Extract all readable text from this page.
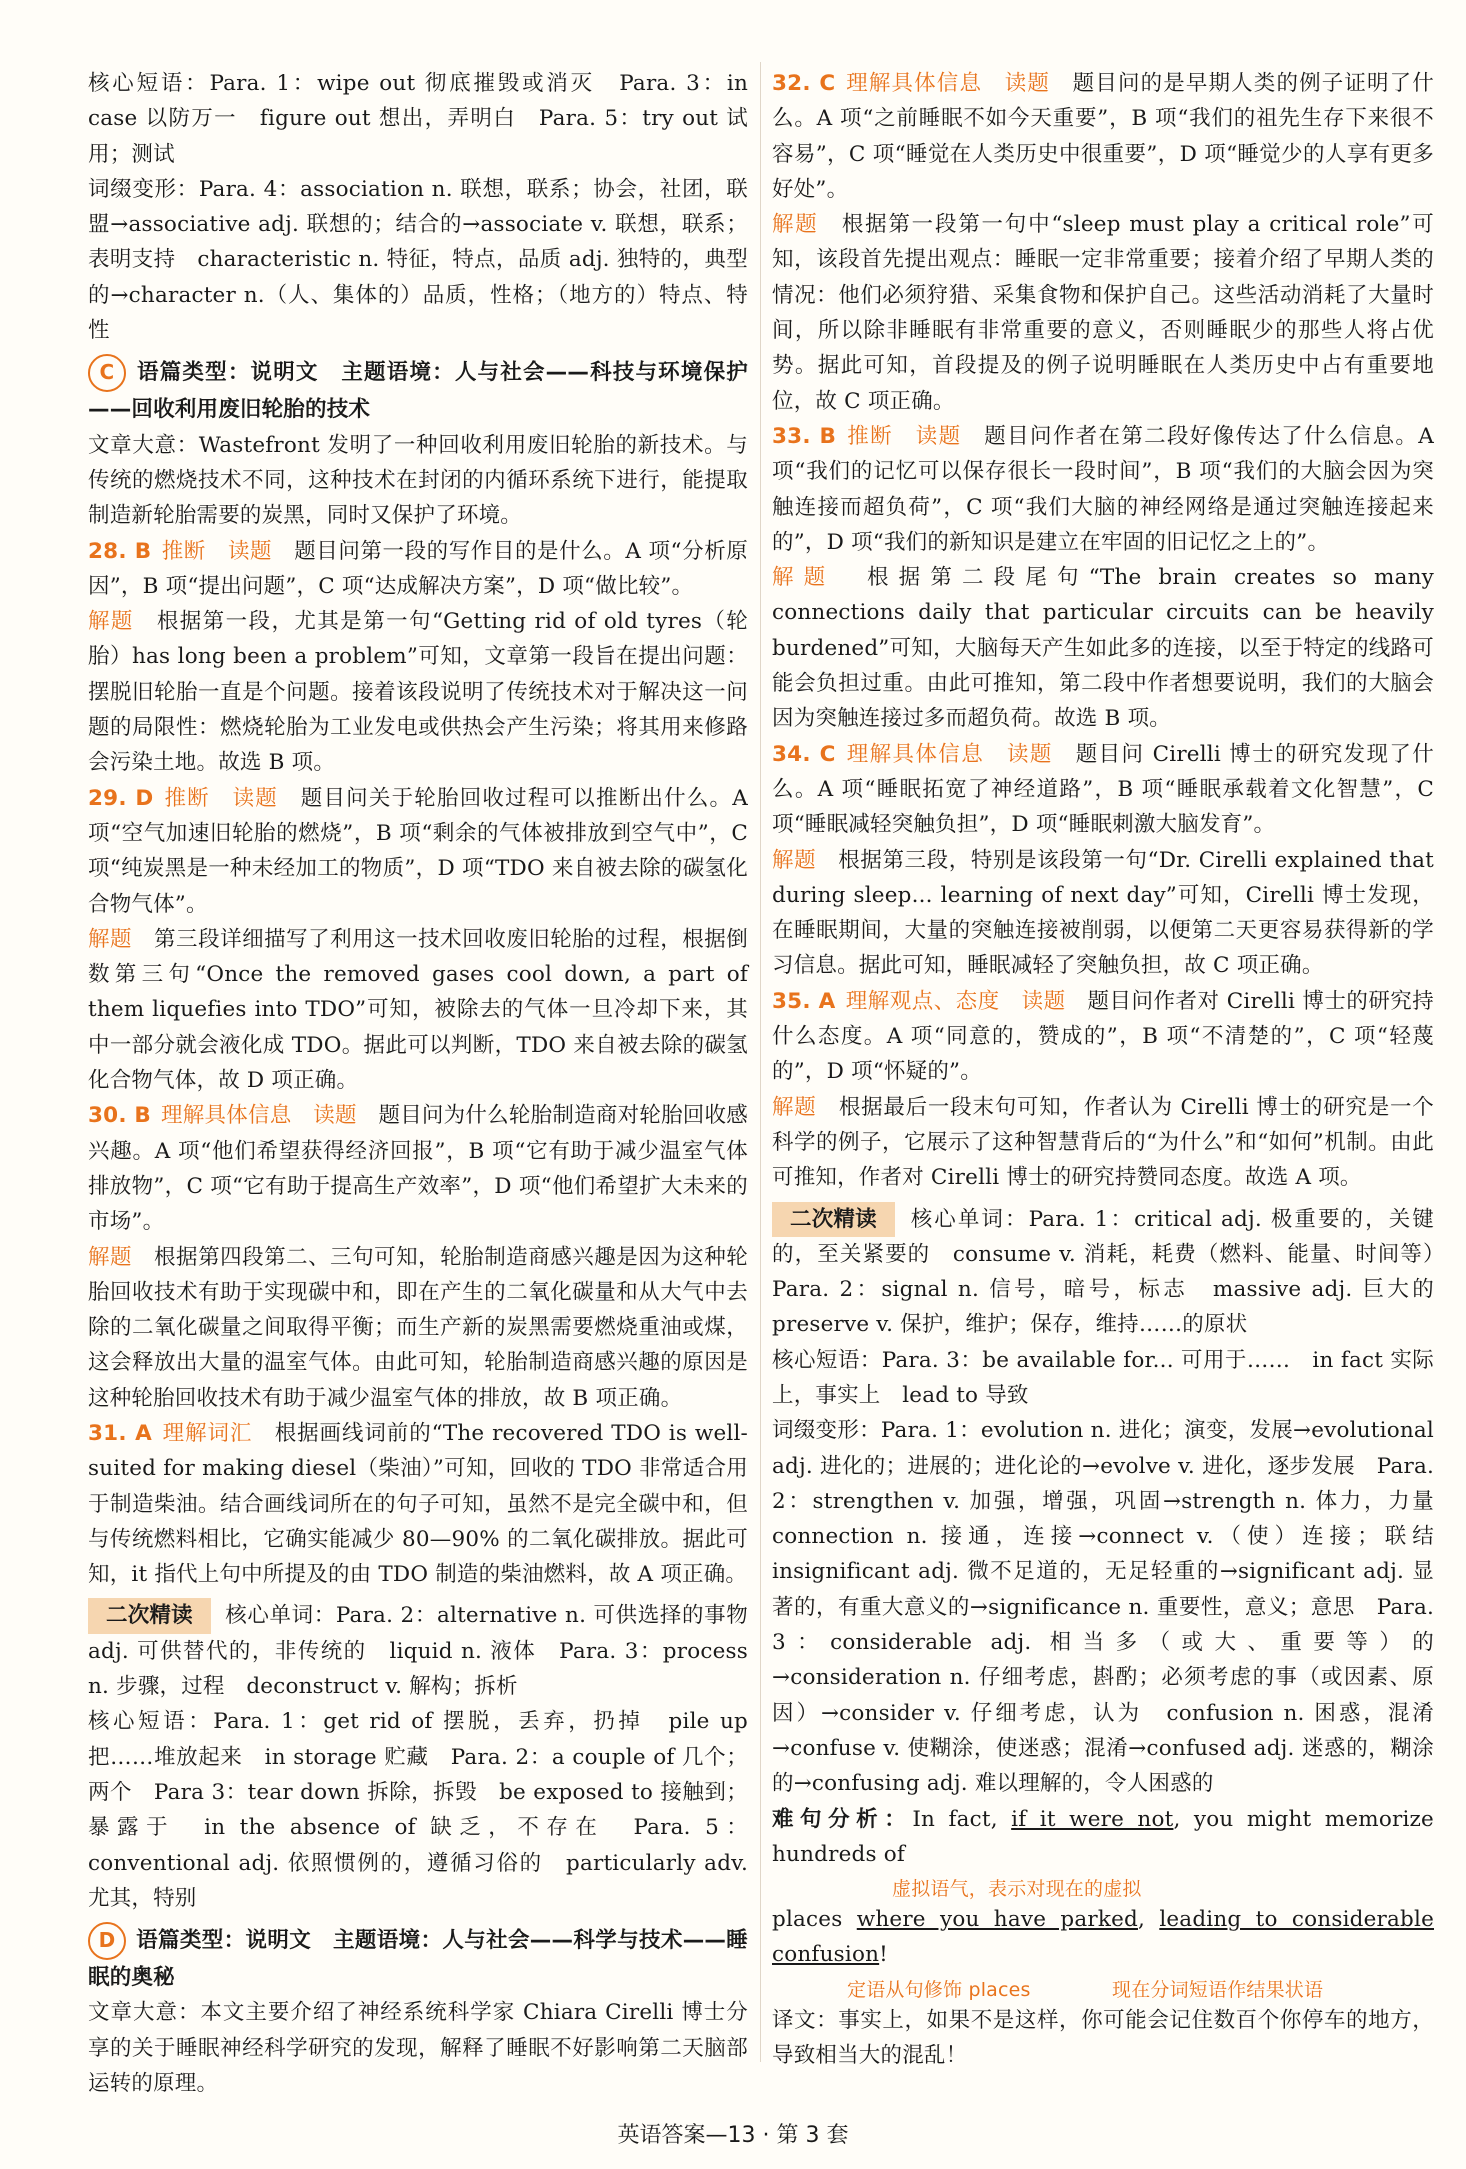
核心短语：Para. 1：wipe out 彻底摧毁或消灭　Para. 3：in case 以防万一　figure out 想出，弄明白　Para. 5：try out 试用；测试

词缀变形：Para. 4：association n. 联想，联系；协会，社团，联盟→associative adj. 联想的；结合的→associate v. 联想，联系；表明支持　characteristic n. 特征，特点，品质 adj. 独特的，典型的→character n.（人、集体的）品质，性格；（地方的）特点、特性

C 语篇类型：说明文　主题语境：人与社会——科技与环境保护——回收利用废旧轮胎的技术

文章大意：Wastefront 发明了一种回收利用废旧轮胎的新技术。与传统的燃烧技术不同，这种技术在封闭的内循环系统下进行，能提取制造新轮胎需要的炭黑，同时又保护了环境。

28. B 推断　读题　 题目问第一段的写作目的是什么。A 项“分析原因”，B 项“提出问题”，C 项“达成解决方案”，D 项“做比较”。

解题　 根据第一段，尤其是第一句“Getting rid of old tyres（轮胎）has long been a problem”可知，文章第一段旨在提出问题：摆脱旧轮胎一直是个问题。接着该段说明了传统技术对于解决这一问题的局限性：燃烧轮胎为工业发电或供热会产生污染；将其用来修路会污染土地。故选 B 项。

29. D 推断　读题　 题目问关于轮胎回收过程可以推断出什么。A 项“空气加速旧轮胎的燃烧”，B 项“剩余的气体被排放到空气中”，C 项“纯炭黑是一种未经加工的物质”，D 项“TDO 来自被去除的碳氢化合物气体”。

解题　 第三段详细描写了利用这一技术回收废旧轮胎的过程，根据倒数第三句“Once the removed gases cool down, a part of them liquefies into TDO”可知，被除去的气体一旦冷却下来，其中一部分就会液化成 TDO。据此可以判断，TDO 来自被去除的碳氢化合物气体，故 D 项正确。

30. B 理解具体信息　读题　 题目问为什么轮胎制造商对轮胎回收感兴趣。A 项“他们希望获得经济回报”，B 项“它有助于减少温室气体排放物”，C 项“它有助于提高生产效率”，D 项“他们希望扩大未来的市场”。

解题　 根据第四段第二、三句可知，轮胎制造商感兴趣是因为这种轮胎回收技术有助于实现碳中和，即在产生的二氧化碳量和从大气中去除的二氧化碳量之间取得平衡；而生产新的炭黑需要燃烧重油或煤，这会释放出大量的温室气体。由此可知，轮胎制造商感兴趣的原因是这种轮胎回收技术有助于减少温室气体的排放，故 B 项正确。

31. A 理解词汇　 根据画线词前的“The recovered TDO is well-suited for making diesel（柴油）”可知，回收的 TDO 非常适合用于制造柴油。结合画线词所在的句子可知，虽然不是完全碳中和，但与传统燃料相比，它确实能减少 80—90% 的二氧化碳排放。据此可知，it 指代上句中所提及的由 TDO 制造的柴油燃料，故 A 项正确。

二次精读 核心单词：Para. 2：alternative n. 可供选择的事物 adj. 可供替代的，非传统的　liquid n. 液体　Para. 3：process n. 步骤，过程　deconstruct v. 解构；拆析

核心短语：Para. 1：get rid of 摆脱，丢弃，扔掉　pile up 把……堆放起来　in storage 贮藏　Para. 2：a couple of 几个；两个　Para 3：tear down 拆除，拆毁　be exposed to 接触到；暴露于　in the absence of 缺乏，不存在　Para. 5：conventional adj. 依照惯例的，遵循习俗的　particularly adv. 尤其，特别

D 语篇类型：说明文　主题语境：人与社会——科学与技术——睡眠的奥秘

文章大意：本文主要介绍了神经系统科学家 Chiara Cirelli 博士分享的关于睡眠神经科学研究的发现，解释了睡眠不好影响第二天脑部运转的原理。

32. C 理解具体信息　读题　 题目问的是早期人类的例子证明了什么。A 项“之前睡眠不如今天重要”，B 项“我们的祖先生存下来很不容易”，C 项“睡觉在人类历史中很重要”，D 项“睡觉少的人享有更多好处”。

解题　 根据第一段第一句中“sleep must play a critical role”可知，该段首先提出观点：睡眠一定非常重要；接着介绍了早期人类的情况：他们必须狩猎、采集食物和保护自己。这些活动消耗了大量时间，所以除非睡眠有非常重要的意义，否则睡眠少的那些人将占优势。据此可知，首段提及的例子说明睡眠在人类历史中占有重要地位，故 C 项正确。

33. B 推断　读题　 题目问作者在第二段好像传达了什么信息。A 项“我们的记忆可以保存很长一段时间”，B 项“我们的大脑会因为突触连接而超负荷”，C 项“我们大脑的神经网络是通过突触连接起来的”，D 项“我们的新知识是建立在牢固的旧记忆之上的”。

解题　 根据第二段尾句“The brain creates so many connections daily that particular circuits can be heavily burdened”可知，大脑每天产生如此多的连接，以至于特定的线路可能会负担过重。由此可推知，第二段中作者想要说明，我们的大脑会因为突触连接过多而超负荷。故选 B 项。

34. C 理解具体信息　读题　 题目问 Cirelli 博士的研究发现了什么。A 项“睡眠拓宽了神经道路”，B 项“睡眠承载着文化智慧”，C 项“睡眠减轻突触负担”，D 项“睡眠刺激大脑发育”。

解题　 根据第三段，特别是该段第一句“Dr. Cirelli explained that during sleep... learning of next day”可知，Cirelli 博士发现，在睡眠期间，大量的突触连接被削弱，以便第二天更容易获得新的学习信息。据此可知，睡眠减轻了突触负担，故 C 项正确。

35. A 理解观点、态度　读题　 题目问作者对 Cirelli 博士的研究持什么态度。A 项“同意的，赞成的”，B 项“不清楚的”，C 项“轻蔑的”，D 项“怀疑的”。

解题　 根据最后一段末句可知，作者认为 Cirelli 博士的研究是一个科学的例子，它展示了这种智慧背后的“为什么”和“如何”机制。由此可推知，作者对 Cirelli 博士的研究持赞同态度。故选 A 项。

二次精读 核心单词：Para. 1：critical adj. 极重要的，关键的，至关紧要的　consume v. 消耗，耗费（燃料、能量、时间等）　Para. 2：signal n. 信号，暗号，标志　massive adj. 巨大的　preserve v. 保护，维护；保存，维持……的原状

核心短语：Para. 3：be available for... 可用于……　in fact 实际上，事实上　lead to 导致

词缀变形：Para. 1：evolution n. 进化；演变，发展→evolutional adj. 进化的；进展的；进化论的→evolve v. 进化，逐步发展　Para. 2：strengthen v. 加强，增强，巩固→strength n. 体力，力量　connection n. 接通，连接→connect v.（使）连接；联结　insignificant adj. 微不足道的，无足轻重的→significant adj. 显著的，有重大意义的→significance n. 重要性，意义；意思　Para. 3：considerable adj. 相当多（或大、重要等）的→consideration n. 仔细考虑，斟酌；必须考虑的事（或因素、原因）→consider v. 仔细考虑，认为　confusion n. 困惑，混淆→confuse v. 使糊涂，使迷惑；混淆→confused adj. 迷惑的，糊涂的→confusing adj. 难以理解的，令人困惑的

难句分析：In fact, if it were not, you might memorize hundreds of

虚拟语气，表示对现在的虚拟

places where you have parked, leading to considerable confusion!

定语从句修饰 places	现在分词短语作结果状语

译文：事实上，如果不是这样，你可能会记住数百个你停车的地方，导致相当大的混乱！

英语答案—13 · 第 3 套
